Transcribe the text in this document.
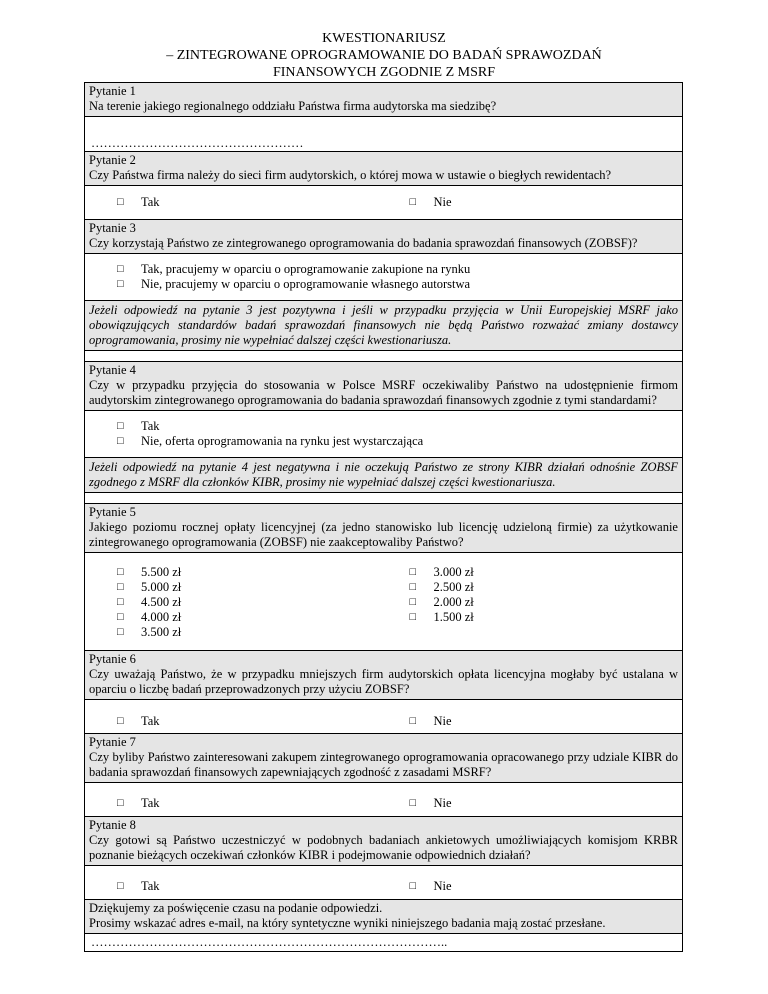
KWESTIONARIUSZ
– ZINTEGROWANE OPROGRAMOWANIE DO BADAŃ SPRAWOZDAŃ
FINANSOWYCH ZGODNIE Z MSRF
Pytanie 1
Na terenie jakiego regionalnego oddziału Państwa firma audytorska ma siedzibę?
……………………………………………
Pytanie 2
Czy Państwa firma należy do sieci firm audytorskich, o której mowa w ustawie o biegłych rewidentach?
□	Tak	□	Nie
Pytanie 3
Czy korzystają Państwo ze zintegrowanego oprogramowania do badania sprawozdań finansowych (ZOBSF)?
□	Tak, pracujemy w oparciu o oprogramowanie zakupione na rynku
□	Nie, pracujemy w oparciu o oprogramowanie własnego autorstwa
Jeżeli odpowiedź na pytanie 3 jest pozytywna i jeśli w przypadku przyjęcia w Unii Europejskiej MSRF jako obowiązujących standardów badań sprawozdań finansowych nie będą Państwo rozważać zmiany dostawcy oprogramowania, prosimy nie wypełniać dalszej części kwestionariusza.
Pytanie 4
Czy w przypadku przyjęcia do stosowania w Polsce MSRF oczekiwaliby Państwo na udostępnienie firmom audytorskim zintegrowanego oprogramowania do badania sprawozdań finansowych zgodnie z tymi standardami?
□	Tak
□	Nie, oferta oprogramowania na rynku jest wystarczająca
Jeżeli odpowiedź na pytanie 4 jest negatywna i nie oczekują Państwo ze strony KIBR działań odnośnie ZOBSF zgodnego z MSRF dla członków KIBR, prosimy nie wypełniać dalszej części kwestionariusza.
Pytanie 5
Jakiego poziomu rocznej opłaty licencyjnej (za jedno stanowisko lub licencję udzieloną firmie) za użytkowanie zintegrowanego oprogramowania (ZOBSF) nie zaakceptowaliby Państwo?
□	5.500 zł
□	5.000 zł
□	4.500 zł
□	4.000 zł
□	3.500 zł
□	3.000 zł
□	2.500 zł
□	2.000 zł
□	1.500 zł
Pytanie 6
Czy uważają Państwo, że w przypadku mniejszych firm audytorskich opłata licencyjna mogłaby być ustalana w oparciu o liczbę badań przeprowadzonych przy użyciu ZOBSF?
□	Tak	□	Nie
Pytanie 7
Czy byliby Państwo zainteresowani zakupem zintegrowanego oprogramowania opracowanego przy udziale KIBR do badania sprawozdań finansowych zapewniających zgodność z zasadami MSRF?
□	Tak	□	Nie
Pytanie 8
Czy gotowi są Państwo uczestniczyć w podobnych badaniach ankietowych umożliwiających komisjom KRBR poznanie bieżących oczekiwań członków KIBR i podejmowanie odpowiednich działań?
□	Tak	□	Nie
Dziękujemy za poświęcenie czasu na podanie odpowiedzi.
Prosimy wskazać adres e-mail, na który syntetyczne wyniki niniejszego badania mają zostać przesłane.
…………………………………………………………………………..
